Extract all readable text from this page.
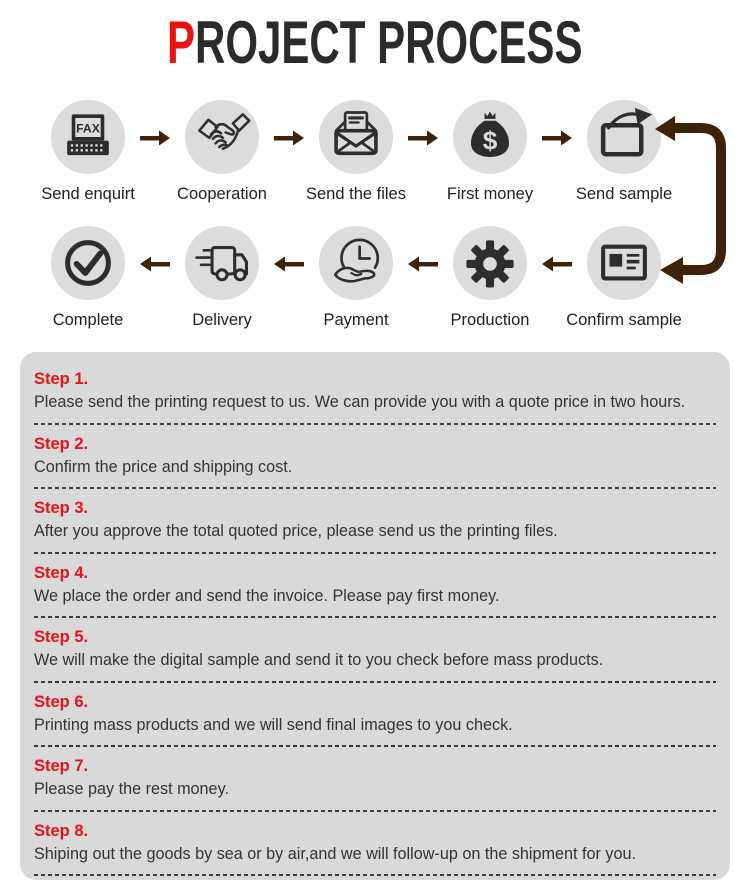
PROJECT PROCESS
FAX
Send enquirt	Cooperation Send the files
$
First money	Send sample
Complete	Delivery	Payment	Production Confirm sample
Step 1.
Please send the printing request to us. We can provide you with a quote price in two hours.
Step 2.
Confirm the price and shipping cost.
Step 3.
After you approve the total quoted price, please send us the printing files.
Step 4.
We place the order and send the invoice. Please pay first money.
Step 5.
We will make the digital sample and send it to you check before mass products.
Step 6.
Printing mass products and we will send final images to you check.
Step 7.
Please pay the rest money.
Step 8.
Shiping out the goods by sea or by air,and we will follow-up on the shipment for you.
